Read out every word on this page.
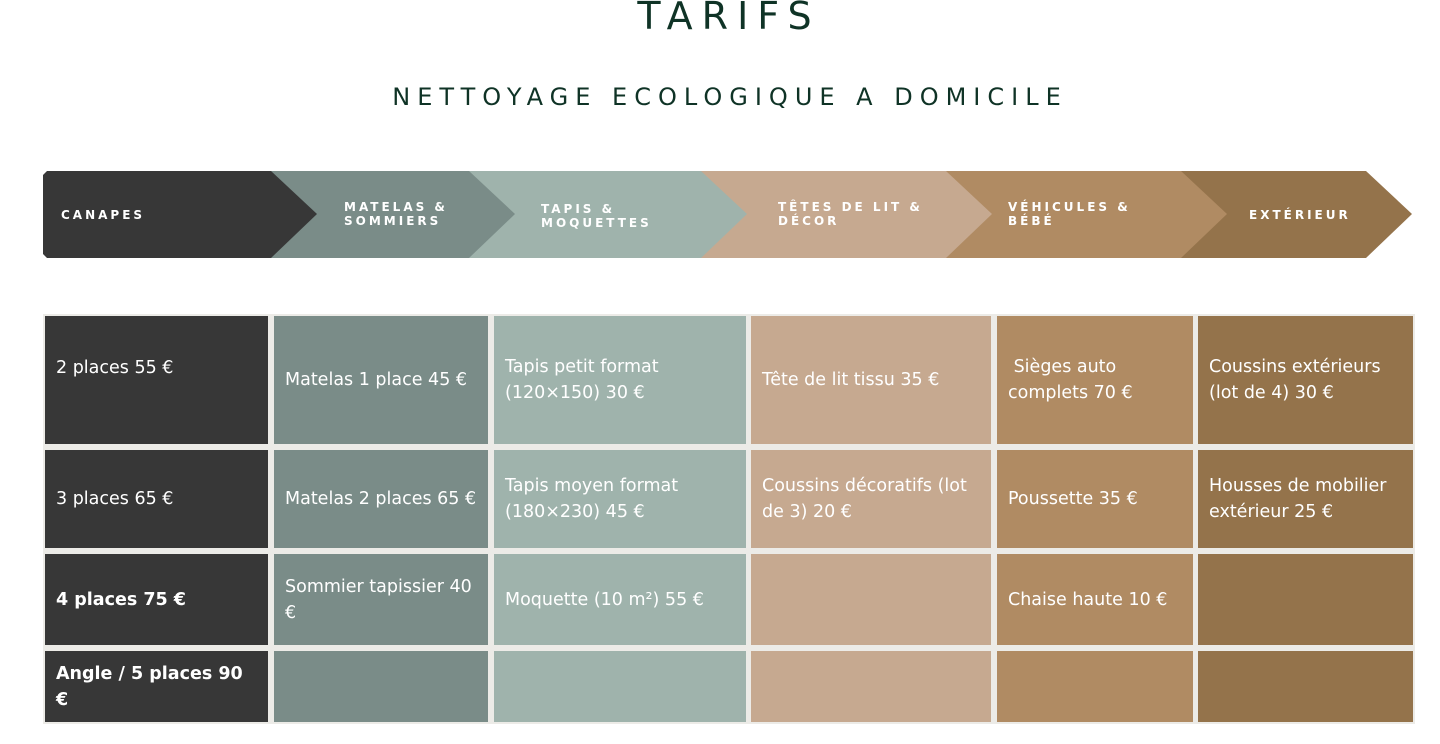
TARIFS
NETTOYAGE ECOLOGIQUE A DOMICILE
CANAPES
MATELAS &
SOMMIERS
TAPIS &
MOQUETTES
TÊTES DE LIT &
DÉCOR
VÉHICULES &
BÉBÉ	EXTÉRIEUR
2 places 55 €
3 places 65 €
4 places 75 €
Angle / 5 places 90 €
Matelas 1 place 45 €
Matelas 2 places 65 €
Sommier tapissier 40 €
Tapis petit format (120×150) 30 €
Tapis moyen format (180×230) 45 €
Moquette (10 m²) 55 €
Tête de lit tissu 35 €
Coussins décoratifs (lot de 3) 20 €
Sièges auto complets 70 €
Poussette 35 €
Chaise haute 10 €
Coussins extérieurs (lot de 4) 30 €
Housses de mobilier extérieur 25 €
